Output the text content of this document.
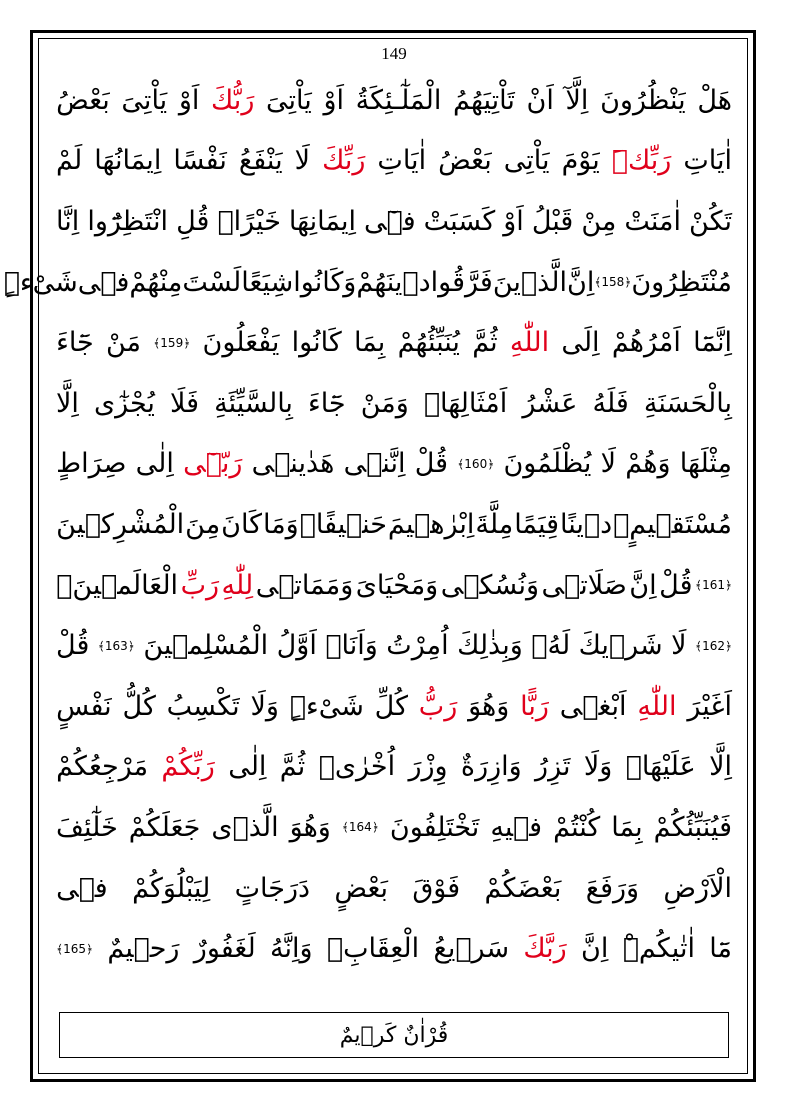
149
هَلْ
يَنْظُرُونَ
اِلَّآ
اَنْ
تَاْتِيَهُمُ
الْمَلٰٓـئِكَةُ
اَوْ
يَاْتِىَ
رَبُّكَ
اَوْ
يَاْتِىَ
بَعْضُ
اٰيَاتِ
رَبِّكَۜ
يَوْمَ
يَاْتِى
بَعْضُ
اٰيَاتِ
رَبِّكَ
لَا
يَنْفَعُ
نَفْسًا
اِيمَانُهَا
لَمْ
تَكُنْ
اٰمَنَتْ
مِنْ
قَبْلُ
اَوْ
كَسَبَتْ
فٖٓى
اِيمَانِهَا
خَيْرًاۜ
قُلِ
انْتَظِرُٓوا
اِنَّا
مُنْتَظِرُونَ
﴿158﴾
اِنَّ
الَّذٖينَ
فَرَّقُوا
دٖينَهُمْ
وَكَانُوا
شِيَعًا
لَسْتَ
مِنْهُمْ
فٖى
شَىْءٍۜ
اِنَّمَٓا
اَمْرُهُمْ
اِلَى
اللّٰهِ
ثُمَّ
يُنَبِّئُهُمْ
بِمَا
كَانُوا
يَفْعَلُونَ
﴿159﴾
مَنْ
جَٓاءَ
بِالْحَسَنَةِ
فَلَهُ
عَشْرُ
اَمْثَالِهَاۚ
وَمَنْ
جَٓاءَ
بِالسَّيِّئَةِ
فَلَا
يُجْزٰٓى
اِلَّا
مِثْلَهَا
وَهُمْ
لَا
يُظْلَمُونَ
﴿160﴾
قُلْ
اِنَّنٖى
هَدٰينٖى
رَبّٖٓى
اِلٰى
صِرَاطٍ
مُسْتَقٖيمٍۚ
دٖينًا
قِيَمًا
مِلَّةَ
اِبْرٰهٖيمَ
حَنٖيفًاۚ
وَمَا
كَانَ
مِنَ
الْمُشْرِكٖينَ
﴿161﴾
قُلْ
اِنَّ
صَلَاتٖى
وَنُسُكٖى
وَمَحْيَاىَ
وَمَمَاتٖى
لِلّٰهِ
رَبِّ
الْعَالَمٖينَۙ
﴿162﴾
لَا
شَرٖيكَ
لَهُۚ
وَبِذٰلِكَ
اُمِرْتُ
وَاَنَا۬
اَوَّلُ
الْمُسْلِمٖينَ
﴿163﴾
قُلْ
اَغَيْرَ
اللّٰهِ
اَبْغٖى
رَبًّا
وَهُوَ
رَبُّ
كُلِّ
شَىْءٍۜ
وَلَا
تَكْسِبُ
كُلُّ
نَفْسٍ
اِلَّا
عَلَيْهَاۚ
وَلَا
تَزِرُ
وَازِرَةٌ
وِزْرَ
اُخْرٰىۚ
ثُمَّ
اِلٰى
رَبِّكُمْ
مَرْجِعُكُمْ
فَيُنَبِّئُكُمْ
بِمَا
كُنْتُمْ
فٖيهِ
تَخْتَلِفُونَ
﴿164﴾
وَهُوَ
الَّذٖى
جَعَلَكُمْ
خَلٰٓئِفَ
الْاَرْضِ
وَرَفَعَ
بَعْضَكُمْ
فَوْقَ
بَعْضٍ
دَرَجَاتٍ
لِيَبْلُوَكُمْ
فٖى
مَٓا
اٰتٰيكُمْۜ
اِنَّ
رَبَّكَ
سَرٖيعُ
الْعِقَابِۘ
وَاِنَّهُ
لَغَفُورٌ
رَحٖيمٌ
﴿165﴾
قُرْاٰنٌ كَرٖيمٌ
